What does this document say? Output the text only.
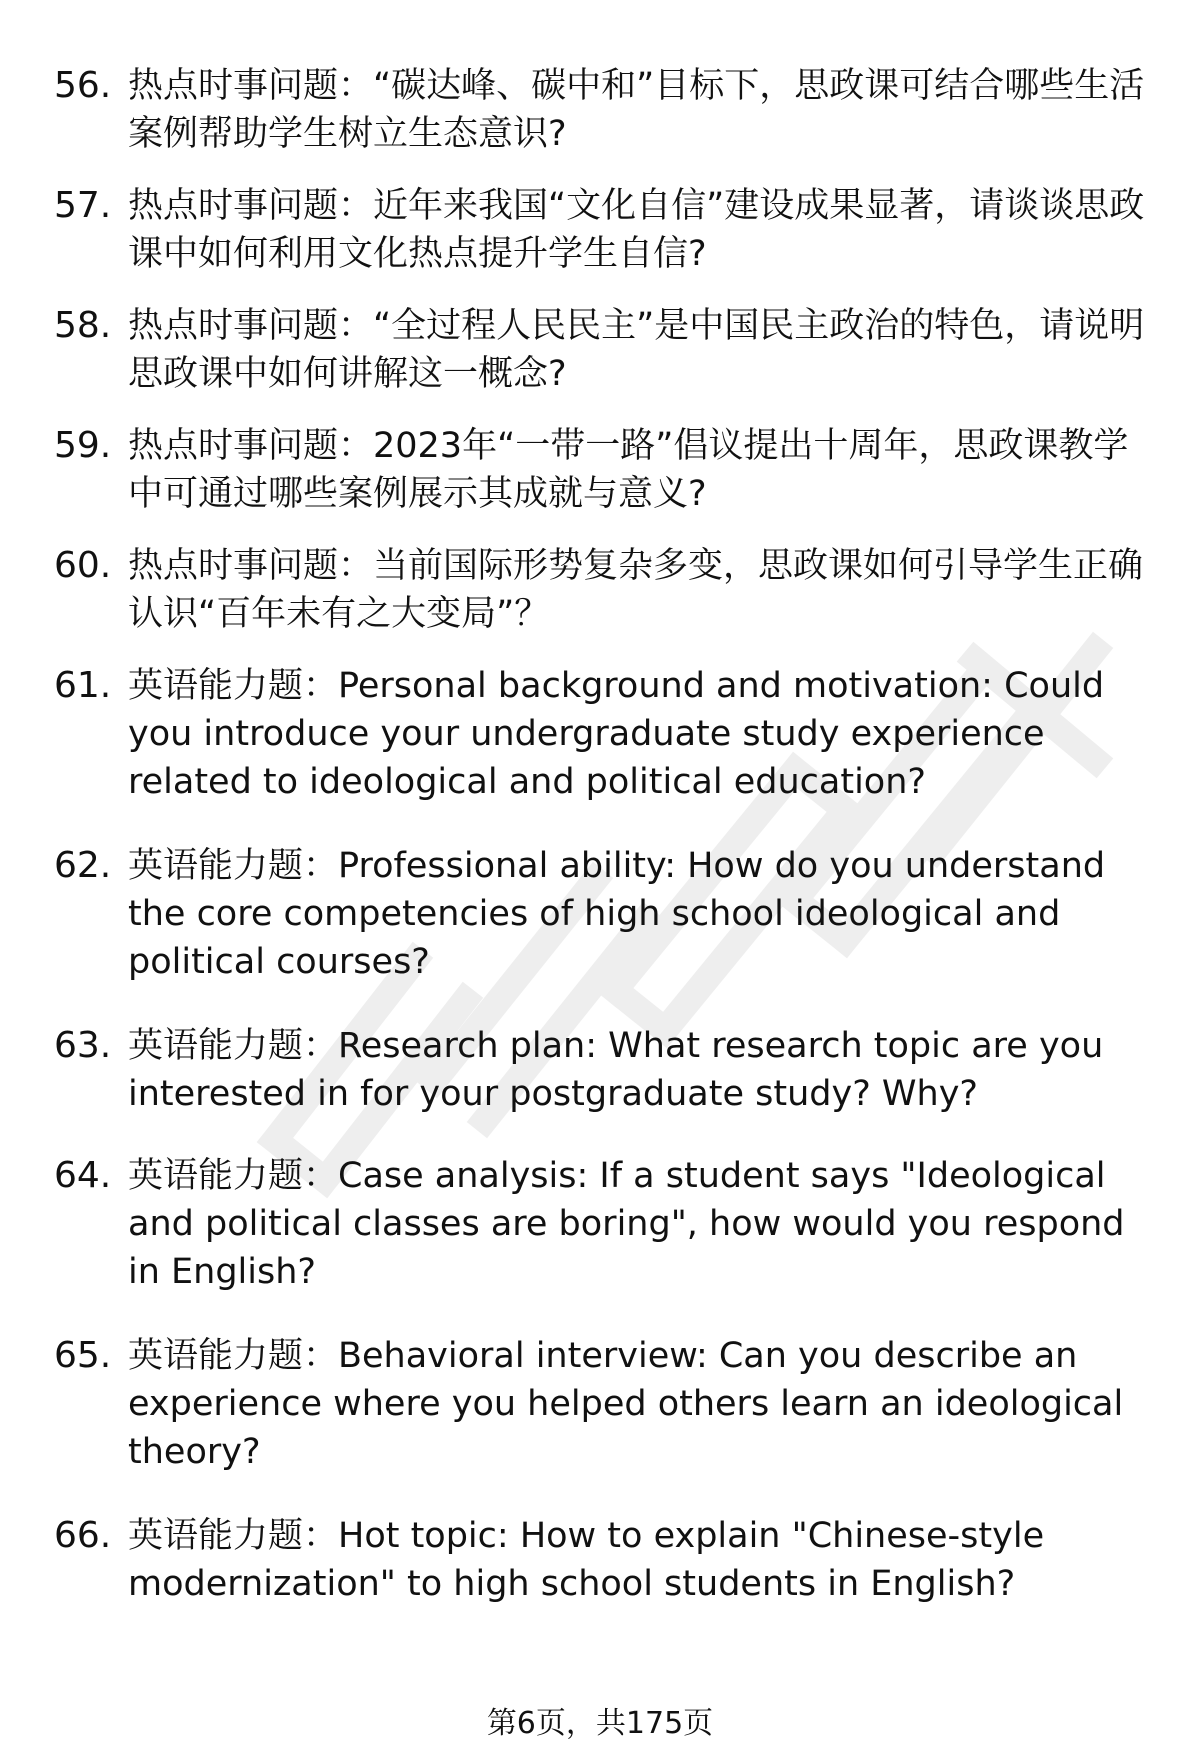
56. 热点时事问题：“碳达峰、碳中和”目标下，思政课可结合哪些生活案例帮助学生树立生态意识?
57. 热点时事问题：近年来我国“文化自信”建设成果显著，请谈谈思政课中如何利用文化热点提升学生自信?
58. 热点时事问题：“全过程人民民主”是中国民主政治的特色，请说明思政课中如何讲解这一概念?
59. 热点时事问题：2023年“一带一路”倡议提出十周年，思政课教学中可通过哪些案例展示其成就与意义?
60. 热点时事问题：当前国际形势复杂多变，思政课如何引导学生正确认识“百年未有之大变局”？
61. 英语能力题：Personal background and motivation: Could you introduce your undergraduate study experience related to ideological and political education?
62. 英语能力题：Professional ability: How do you understand the core competencies of high school ideological and political courses?
63. 英语能力题：Research plan: What research topic are you interested in for your postgraduate study? Why?
64. 英语能力题：Case analysis: If a student says "Ideological and political classes are boring", how would you respond in English?
65. 英语能力题：Behavioral interview: Can you describe an experience where you helped others learn an ideological theory?
66. 英语能力题：Hot topic: How to explain "Chinese-style modernization" to high school students in English?
第6页，共175页
